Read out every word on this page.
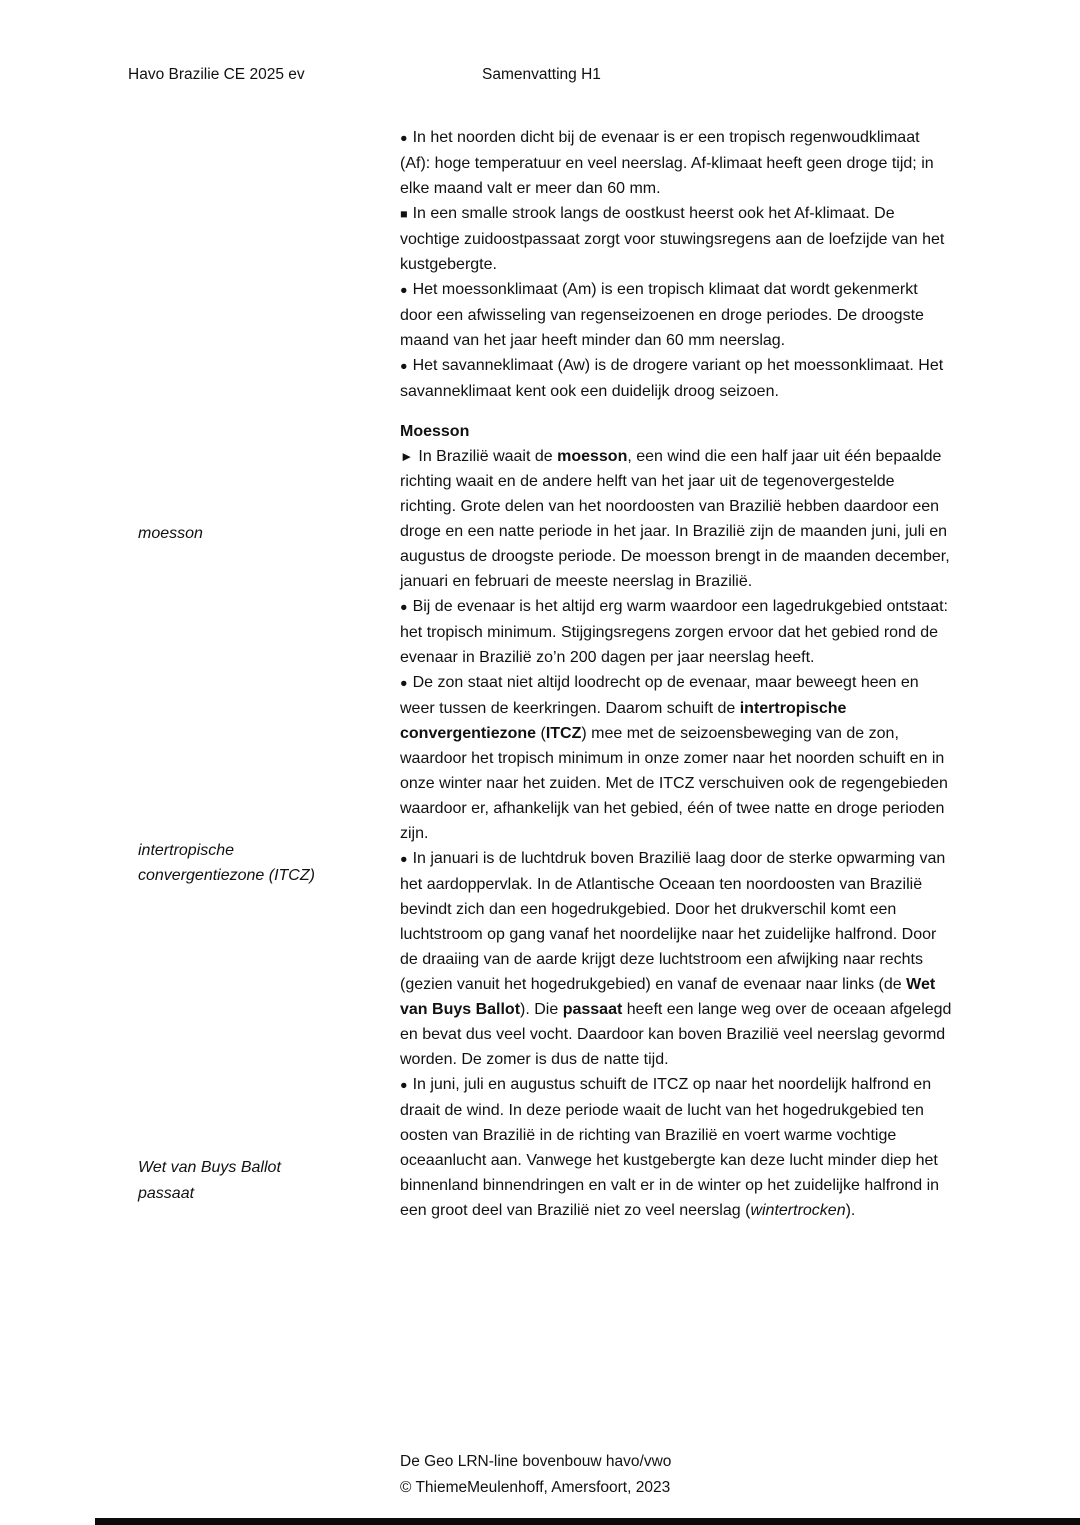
Havo Brazilie CE 2025 ev	Samenvatting H1
moesson
intertropische convergentiezone (ITCZ)
Wet van Buys Ballot
passaat

● In het noorden dicht bij de evenaar is er een tropisch regenwoudklimaat (Af): hoge temperatuur en veel neerslag. Af-klimaat heeft geen droge tijd; in elke maand valt er meer dan 60 mm.

■ In een smalle strook langs de oostkust heerst ook het Af-klimaat. De vochtige zuidoostpassaat zorgt voor stuwingsregens aan de loefzijde van het kustgebergte.

● Het moessonklimaat (Am) is een tropisch klimaat dat wordt gekenmerkt door een afwisseling van regenseizoenen en droge periodes. De droogste maand van het jaar heeft minder dan 60 mm neerslag.

● Het savanneklimaat (Aw) is de drogere variant op het moessonklimaat. Het savanneklimaat kent ook een duidelijk droog seizoen.

Moesson

► In Brazilië waait de moesson, een wind die een half jaar uit één bepaalde richting waait en de andere helft van het jaar uit de tegenovergestelde richting. Grote delen van het noordoosten van Brazilië hebben daardoor een droge en een natte periode in het jaar. In Brazilië zijn de maanden juni, juli en augustus de droogste periode. De moesson brengt in de maanden december, januari en februari de meeste neerslag in Brazilië.

● Bij de evenaar is het altijd erg warm waardoor een lagedrukgebied ontstaat: het tropisch minimum. Stijgingsregens zorgen ervoor dat het gebied rond de evenaar in Brazilië zo’n 200 dagen per jaar neerslag heeft.

● De zon staat niet altijd loodrecht op de evenaar, maar beweegt heen en weer tussen de keerkringen. Daarom schuift de intertropische convergentiezone (ITCZ) mee met de seizoensbeweging van de zon, waardoor het tropisch minimum in onze zomer naar het noorden schuift en in onze winter naar het zuiden. Met de ITCZ verschuiven ook de regengebieden waardoor er, afhankelijk van het gebied, één of twee natte en droge perioden zijn.

● In januari is de luchtdruk boven Brazilië laag door de sterke opwarming van het aardoppervlak. In de Atlantische Oceaan ten noordoosten van Brazilië bevindt zich dan een hogedrukgebied. Door het drukverschil komt een luchtstroom op gang vanaf het noordelijke naar het zuidelijke halfrond. Door de draaiing van de aarde krijgt deze luchtstroom een afwijking naar rechts (gezien vanuit het hogedrukgebied) en vanaf de evenaar naar links (de Wet van Buys Ballot). Die passaat heeft een lange weg over de oceaan afgelegd en bevat dus veel vocht. Daardoor kan boven Brazilië veel neerslag gevormd worden. De zomer is dus de natte tijd.

● In juni, juli en augustus schuift de ITCZ op naar het noordelijk halfrond en draait de wind. In deze periode waait de lucht van het hogedrukgebied ten oosten van Brazilië in de richting van Brazilië en voert warme vochtige oceaanlucht aan. Vanwege het kustgebergte kan deze lucht minder diep het binnenland binnendringen en valt er in de winter op het zuidelijke halfrond in een groot deel van Brazilië niet zo veel neerslag (wintertrocken).

De Geo LRN-line bovenbouw havo/vwo
© ThiemeMeulenhoff, Amersfoort, 2023
